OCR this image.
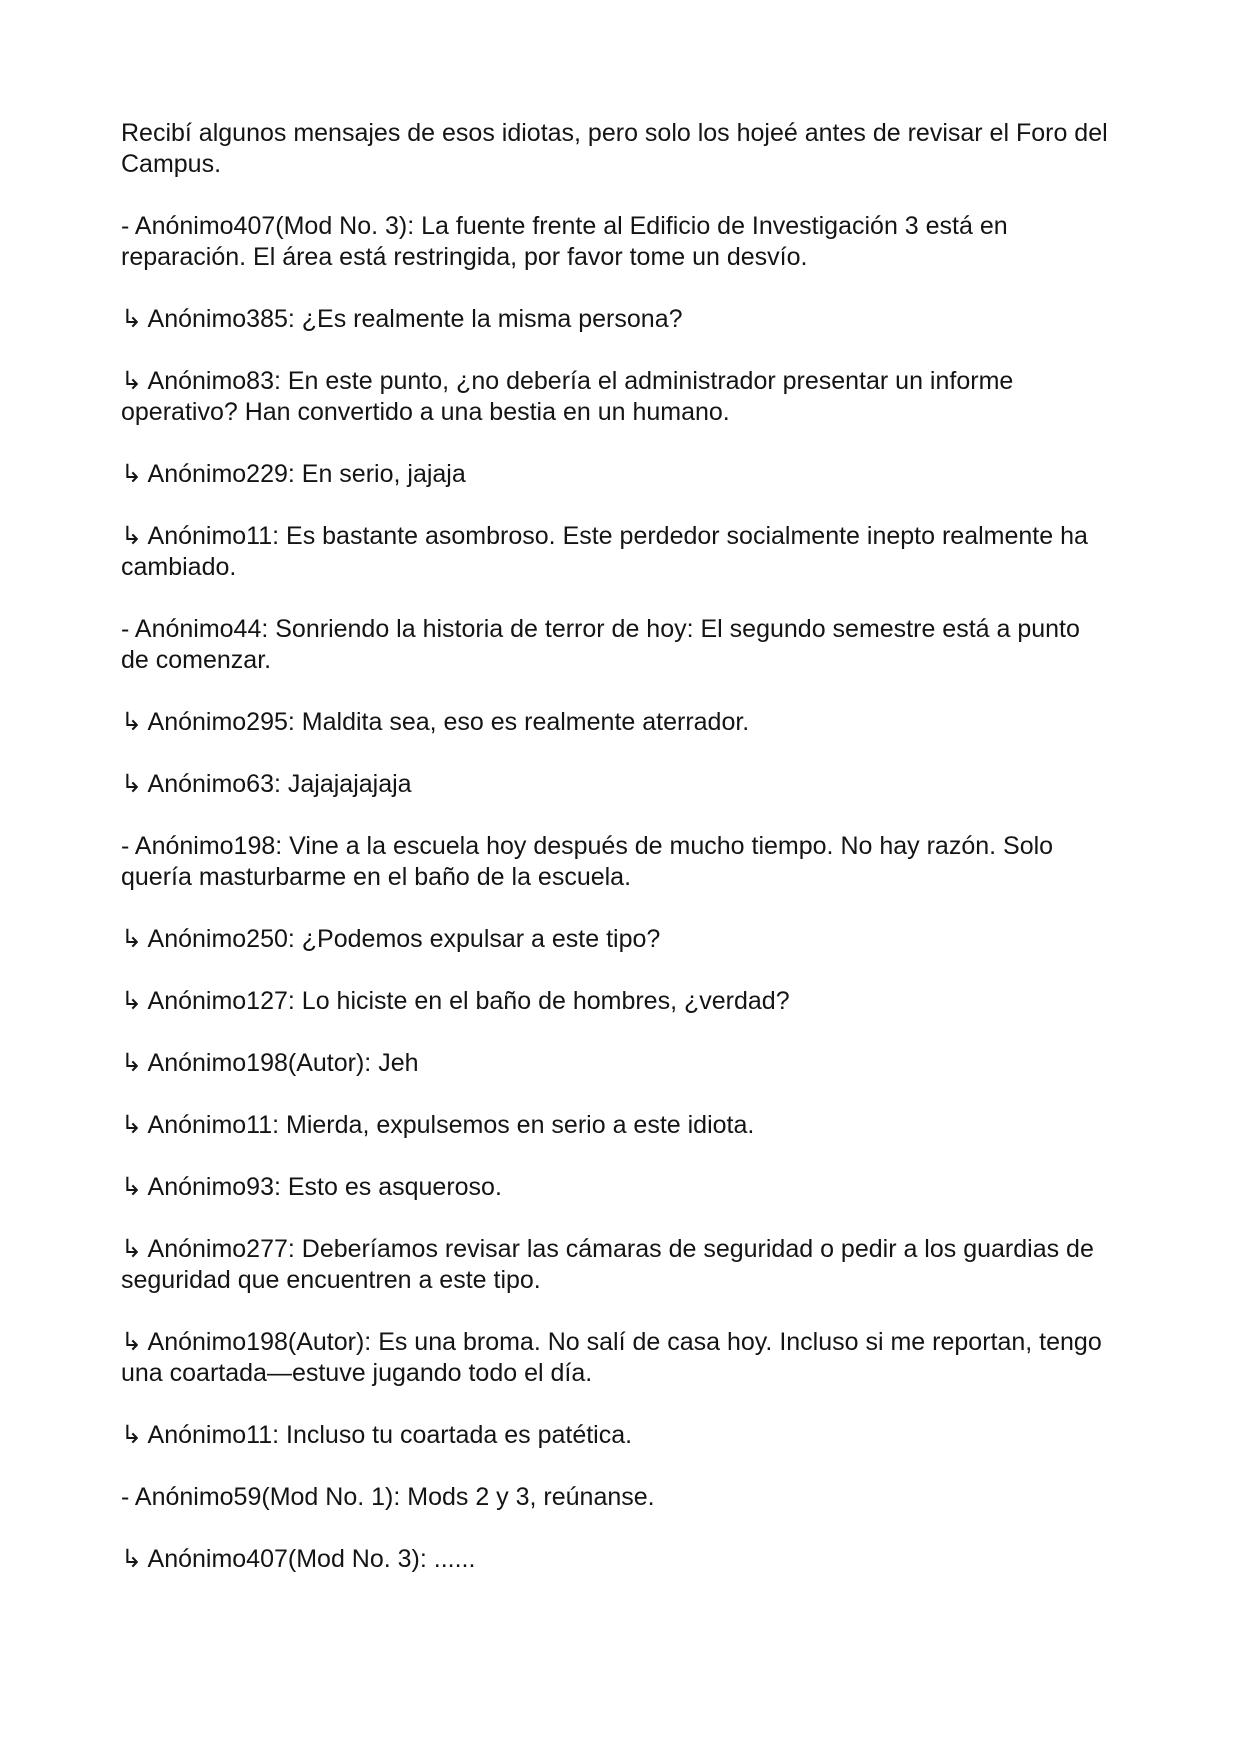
Recibí algunos mensajes de esos idiotas, pero solo los hojeé antes de revisar el Foro del Campus.

- Anónimo407(Mod No. 3): La fuente frente al Edificio de Investigación 3 está en reparación. El área está restringida, por favor tome un desvío.

↳ Anónimo385: ¿Es realmente la misma persona?

↳ Anónimo83: En este punto, ¿no debería el administrador presentar un informe operativo? Han convertido a una bestia en un humano.

↳ Anónimo229: En serio, jajaja

↳ Anónimo11: Es bastante asombroso. Este perdedor socialmente inepto realmente ha cambiado.

- Anónimo44: Sonriendo la historia de terror de hoy: El segundo semestre está a punto de comenzar.

↳ Anónimo295: Maldita sea, eso es realmente aterrador.

↳ Anónimo63: Jajajajajaja

- Anónimo198: Vine a la escuela hoy después de mucho tiempo. No hay razón. Solo quería masturbarme en el baño de la escuela.

↳ Anónimo250: ¿Podemos expulsar a este tipo?

↳ Anónimo127: Lo hiciste en el baño de hombres, ¿verdad?

↳ Anónimo198(Autor): Jeh

↳ Anónimo11: Mierda, expulsemos en serio a este idiota.

↳ Anónimo93: Esto es asqueroso.

↳ Anónimo277: Deberíamos revisar las cámaras de seguridad o pedir a los guardias de seguridad que encuentren a este tipo.

↳ Anónimo198(Autor): Es una broma. No salí de casa hoy. Incluso si me reportan, tengo una coartada—estuve jugando todo el día.

↳ Anónimo11: Incluso tu coartada es patética.

- Anónimo59(Mod No. 1): Mods 2 y 3, reúnanse.

↳ Anónimo407(Mod No. 3): ......
